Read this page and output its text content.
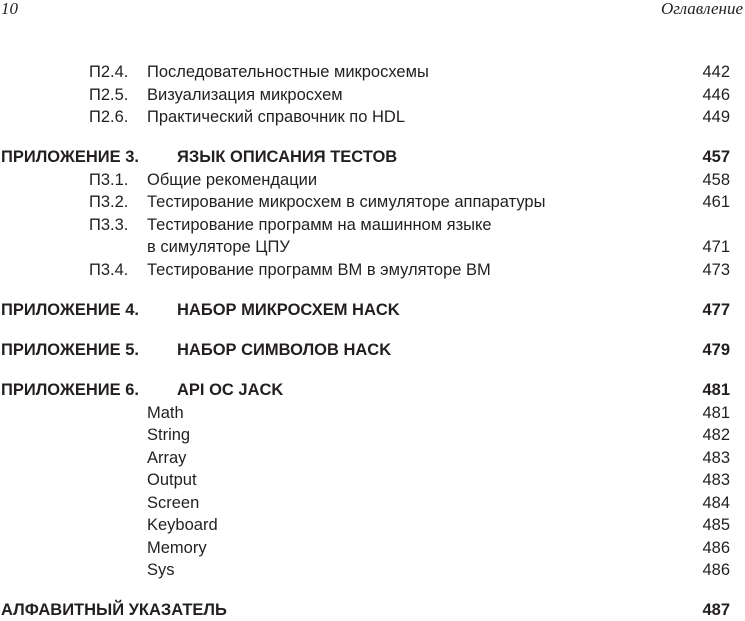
10	Оглавление
П2.4. Последовательностные микросхемы	442
П2.5. Визуализация микросхем	446
П2.6. Практический справочник по HDL	449
ПРИЛОЖЕНИЕ 3. ЯЗЫК ОПИСАНИЯ ТЕСТОВ	457
П3.1. Общие рекомендации	458
П3.2. Тестирование микросхем в симуляторе аппаратуры	461
П3.3. Тестирование программ на машинном языке
в симуляторе ЦПУ	471
П3.4. Тестирование программ ВМ в эмуляторе ВМ	473
ПРИЛОЖЕНИЕ 4. НАБОР МИКРОСХЕМ HACK	477
ПРИЛОЖЕНИЕ 5. НАБОР СИМВОЛОВ HACK	479
ПРИЛОЖЕНИЕ 6. API ОС JACK	481
Math	481
String	482
Array	483
Output	483
Screen	484
Keyboard	485
Memory	486
Sys	486
АЛФАВИТНЫЙ УКАЗАТЕЛЬ	487
